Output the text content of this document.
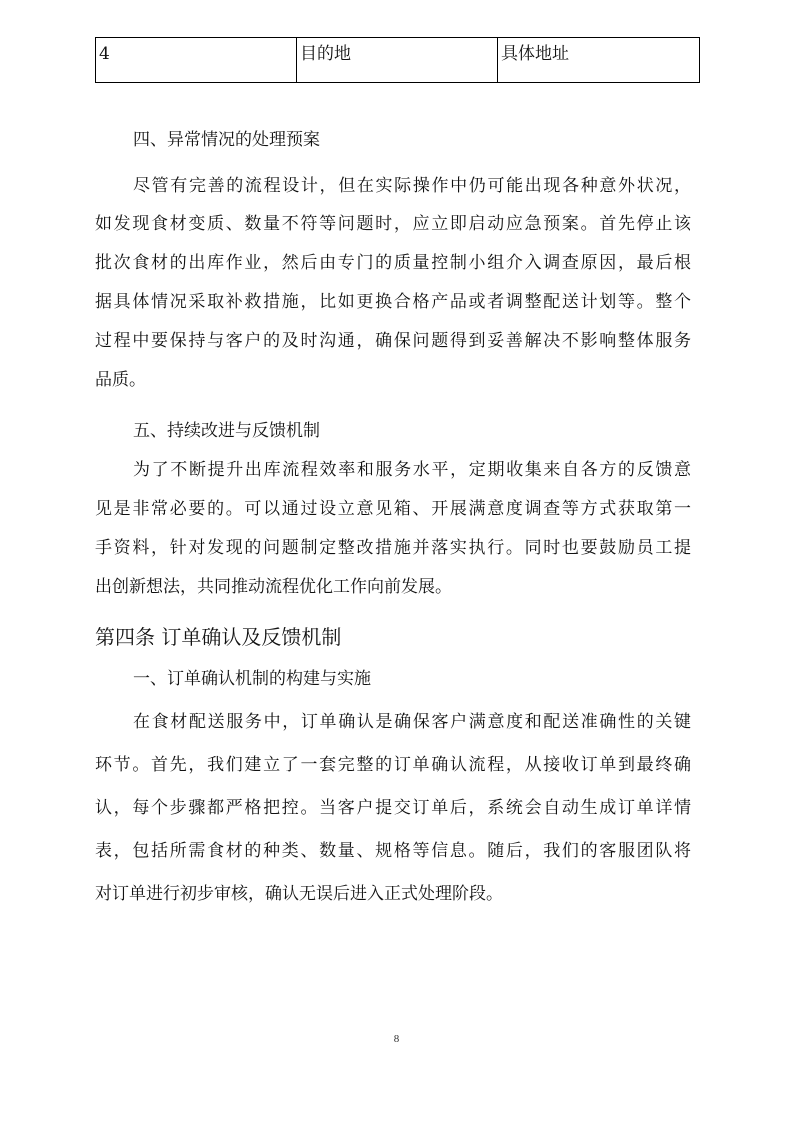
4	目的地	具体地址
四、异常情况的处理预案
尽管有完善的流程设计，但在实际操作中仍可能出现各种意外状况，
如发现食材变质、数量不符等问题时，应立即启动应急预案。首先停止该
批次食材的出库作业，然后由专门的质量控制小组介入调查原因，最后根
据具体情况采取补救措施，比如更换合格产品或者调整配送计划等。整个
过程中要保持与客户的及时沟通，确保问题得到妥善解决不影响整体服务
品质。
五、持续改进与反馈机制
为了不断提升出库流程效率和服务水平，定期收集来自各方的反馈意
见是非常必要的。可以通过设立意见箱、开展满意度调查等方式获取第一
手资料，针对发现的问题制定整改措施并落实执行。同时也要鼓励员工提
出创新想法，共同推动流程优化工作向前发展。
第四条 订单确认及反馈机制
一、订单确认机制的构建与实施
在食材配送服务中，订单确认是确保客户满意度和配送准确性的关键
环节。首先，我们建立了一套完整的订单确认流程，从接收订单到最终确
认，每个步骤都严格把控。当客户提交订单后，系统会自动生成订单详情
表，包括所需食材的种类、数量、规格等信息。随后，我们的客服团队将
对订单进行初步审核，确认无误后进入正式处理阶段。
8
